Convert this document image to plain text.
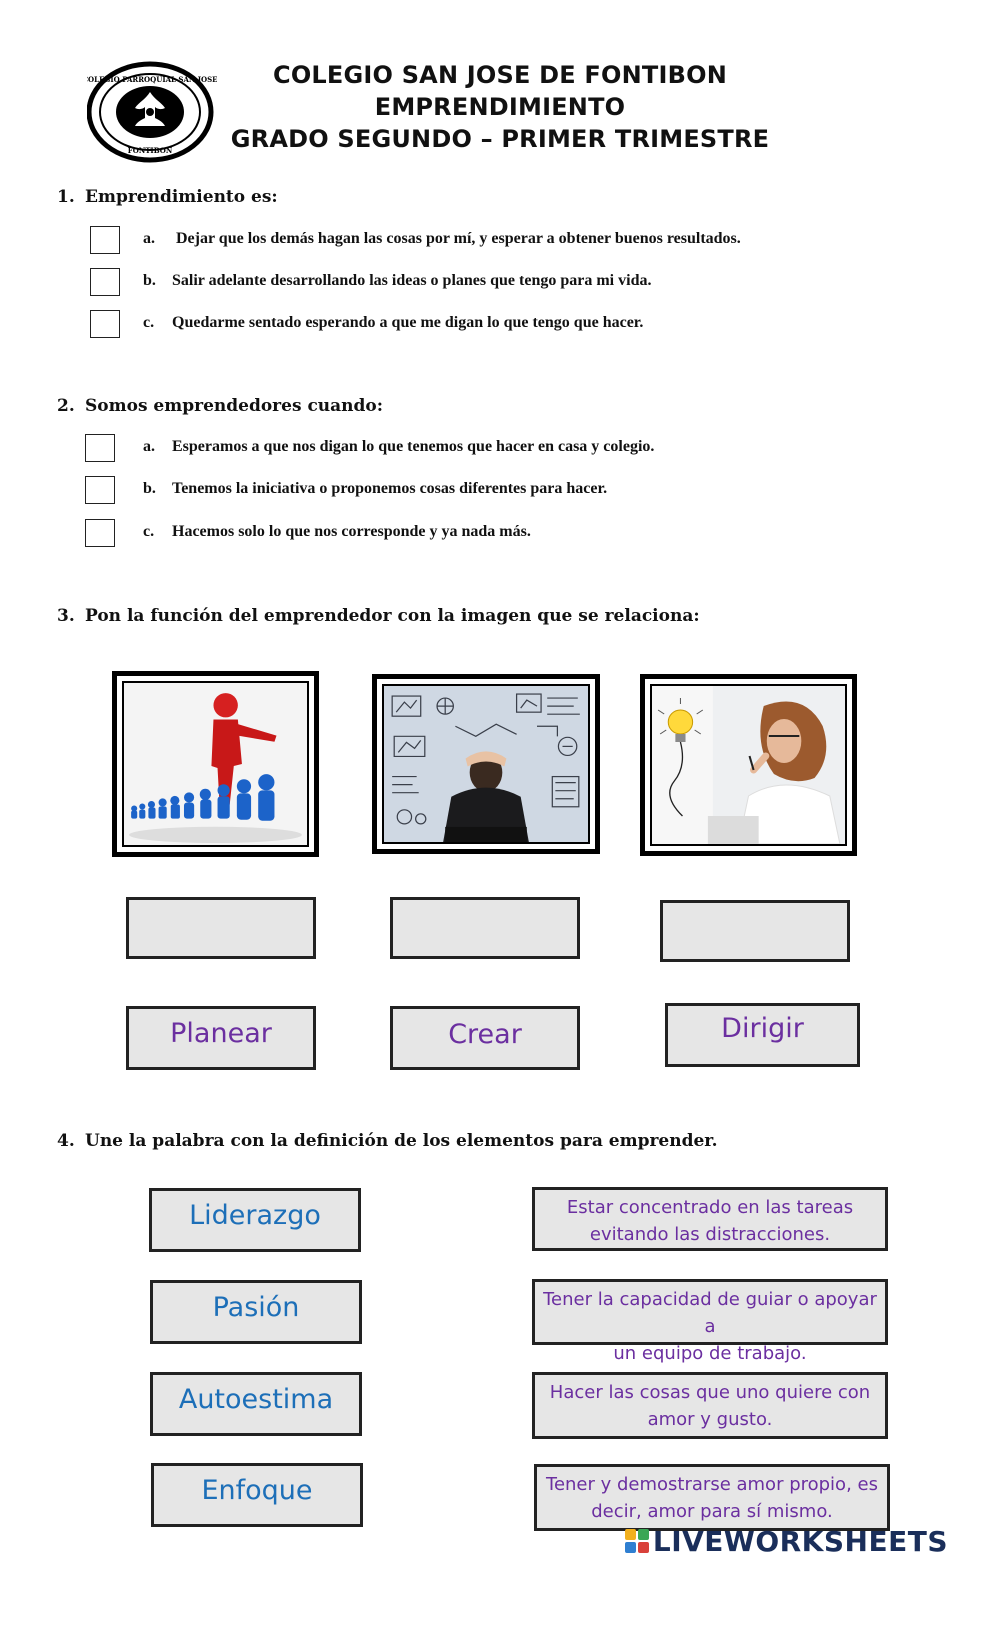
COLEGIO PARROQUIAL SAN JOSE
FONTIBON
COLEGIO SAN JOSE DE FONTIBON
EMPRENDIMIENTO
GRADO SEGUNDO – PRIMER TRIMESTRE
1. Emprendimiento es:
a. Dejar que los demás hagan las cosas por mí, y esperar a obtener buenos resultados.
b. Salir adelante desarrollando las ideas o planes que tengo para mi vida.
c. Quedarme sentado esperando a que me digan lo que tengo que hacer.
2. Somos emprendedores cuando:
a. Esperamos a que nos digan lo que tenemos que hacer en casa y colegio.
b. Tenemos la iniciativa o proponemos cosas diferentes para hacer.
c. Hacemos solo lo que nos corresponde y ya nada más.
3. Pon la función del emprendedor con la imagen que se relaciona:
Planear	Crear	Dirigir
4. Une la palabra con la definición de los elementos para emprender.
Liderazgo
Pasión
Autoestima
Enfoque
Estar concentrado en las tareas
evitando las distracciones.
Tener la capacidad de guiar o apoyar a
un equipo de trabajo.
Hacer las cosas que uno quiere con
amor y gusto.
Tener y demostrarse amor propio, es
decir, amor para sí mismo.
LIVEWORKSHEETS
